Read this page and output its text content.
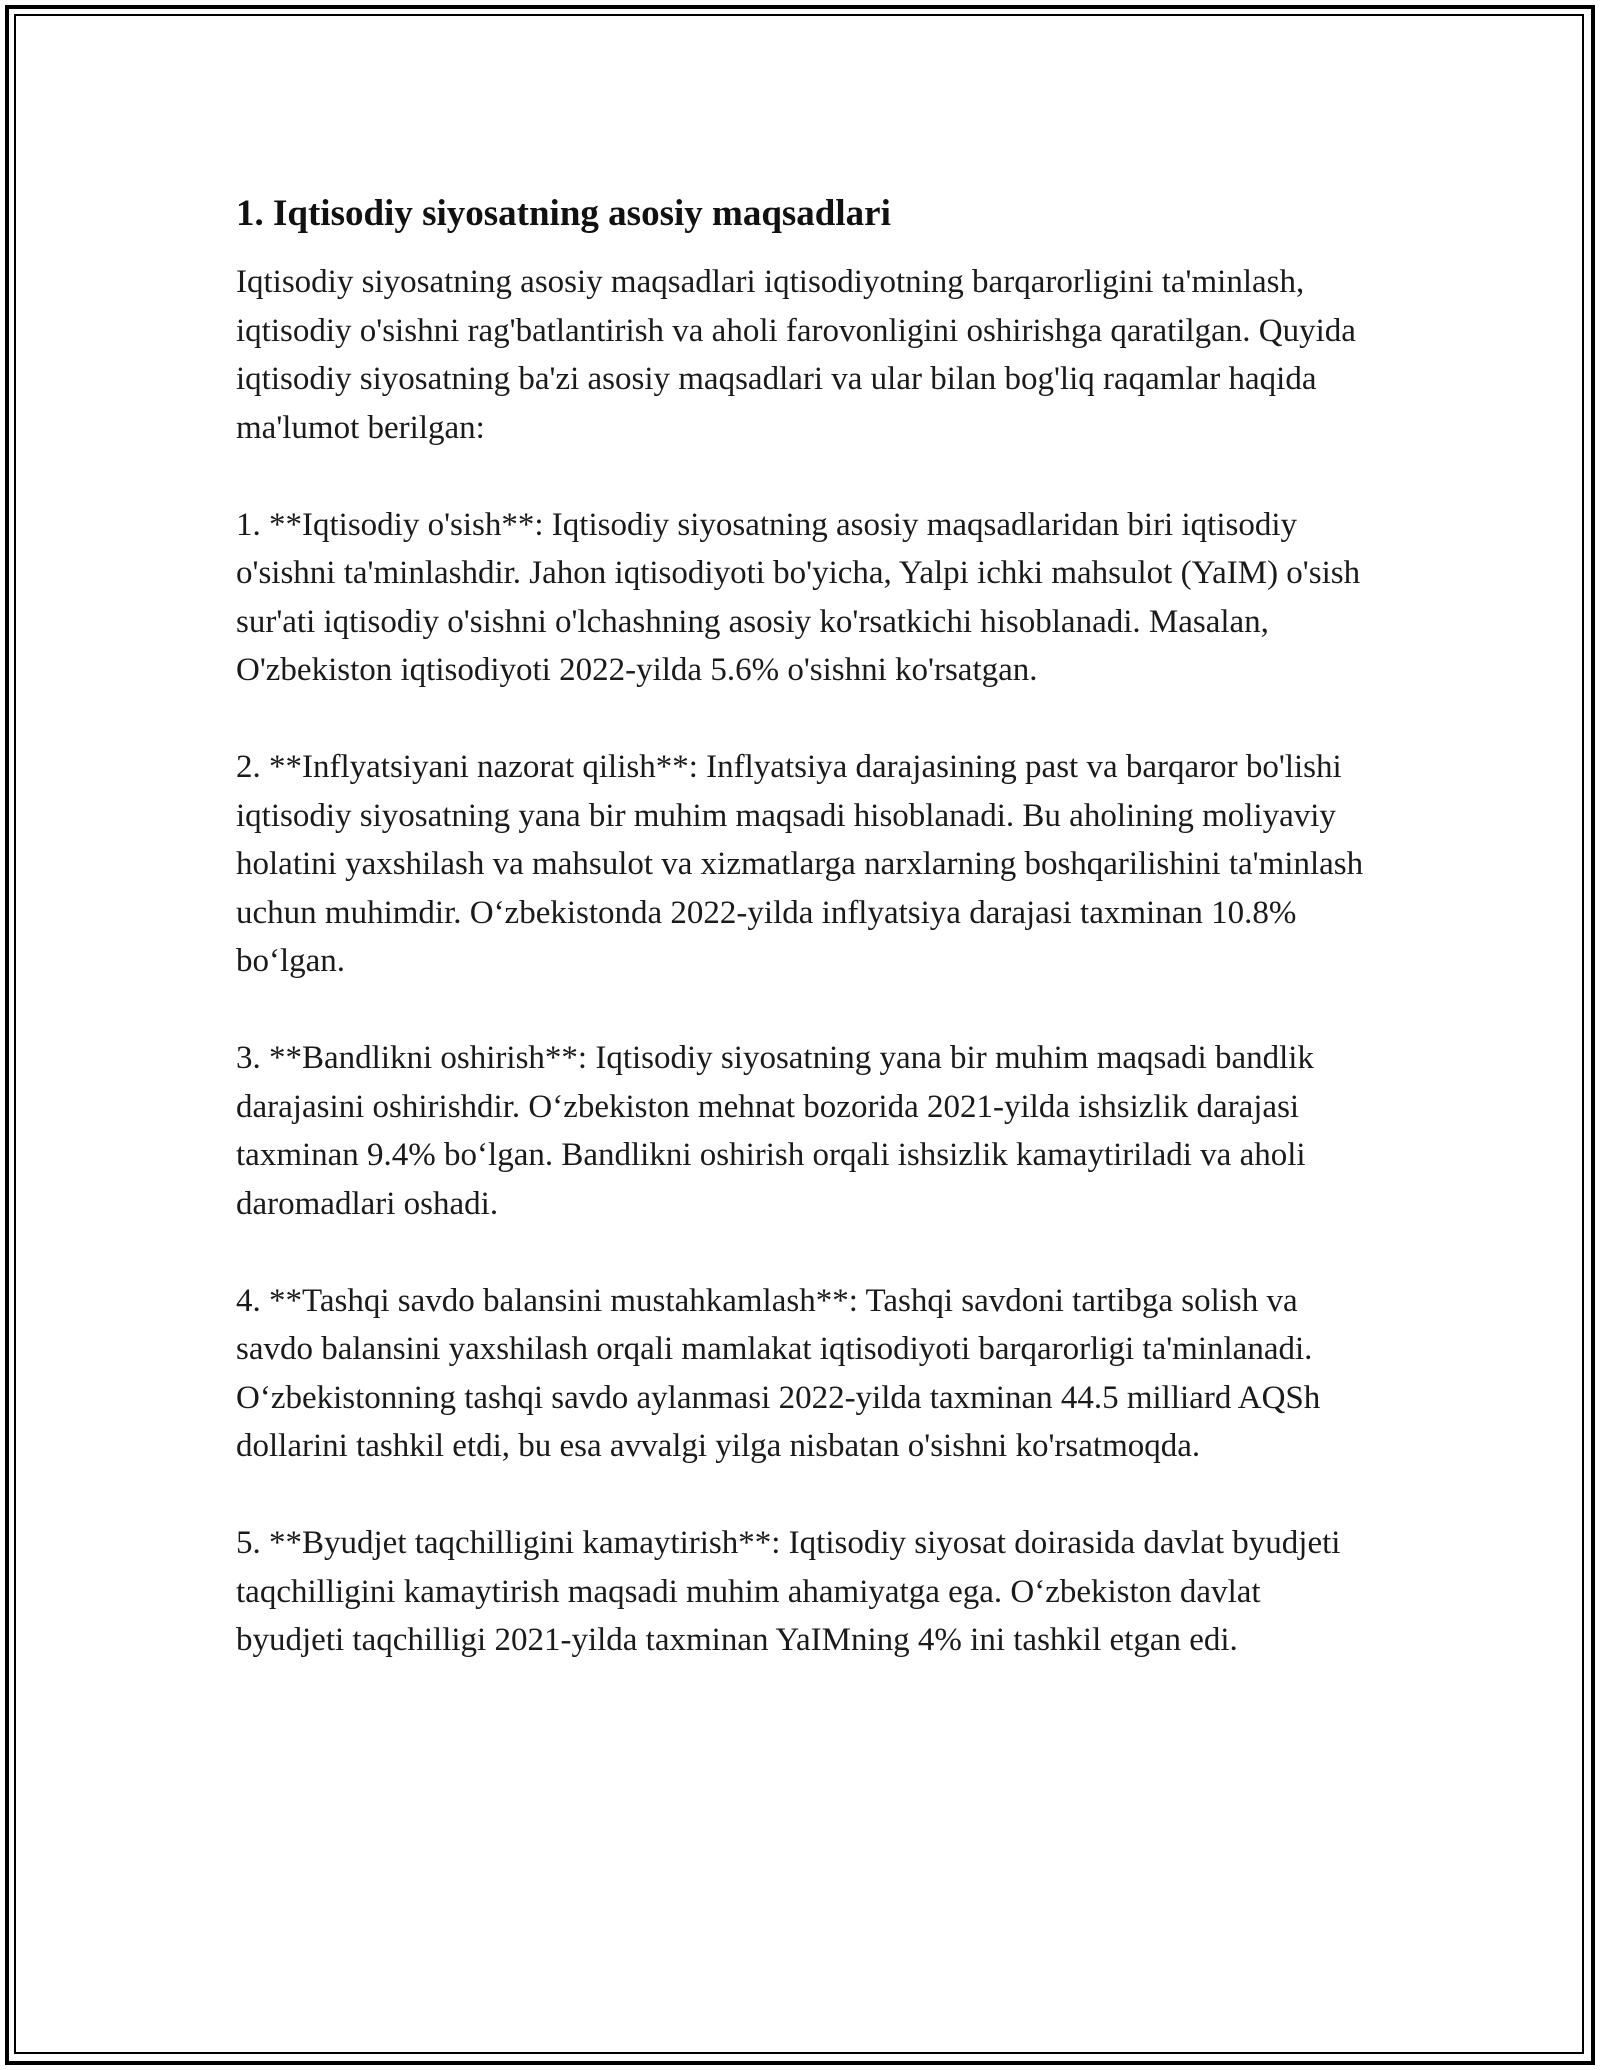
1. Iqtisodiy siyosatning asosiy maqsadlari

Iqtisodiy siyosatning asosiy maqsadlari iqtisodiyotning barqarorligini ta'minlash, iqtisodiy o'sishni rag'batlantirish va aholi farovonligini oshirishga qaratilgan. Quyida iqtisodiy siyosatning ba'zi asosiy maqsadlari va ular bilan bog'liq raqamlar haqida ma'lumot berilgan:

1. **Iqtisodiy o'sish**: Iqtisodiy siyosatning asosiy maqsadlaridan biri iqtisodiy o'sishni ta'minlashdir. Jahon iqtisodiyoti bo'yicha, Yalpi ichki mahsulot (YaIM) o'sish sur'ati iqtisodiy o'sishni o'lchashning asosiy ko'rsatkichi hisoblanadi. Masalan, O'zbekiston iqtisodiyoti 2022-yilda 5.6% o'sishni ko'rsatgan.

2. **Inflyatsiyani nazorat qilish**: Inflyatsiya darajasining past va barqaror bo'lishi iqtisodiy siyosatning yana bir muhim maqsadi hisoblanadi. Bu aholining moliyaviy holatini yaxshilash va mahsulot va xizmatlarga narxlarning boshqarilishini ta'minlash uchun muhimdir. O‘zbekistonda 2022-yilda inflyatsiya darajasi taxminan 10.8% bo‘lgan.

3. **Bandlikni oshirish**: Iqtisodiy siyosatning yana bir muhim maqsadi bandlik darajasini oshirishdir. O‘zbekiston mehnat bozorida 2021-yilda ishsizlik darajasi taxminan 9.4% bo‘lgan. Bandlikni oshirish orqali ishsizlik kamaytiriladi va aholi daromadlari oshadi.

4. **Tashqi savdo balansini mustahkamlash**: Tashqi savdoni tartibga solish va savdo balansini yaxshilash orqali mamlakat iqtisodiyoti barqarorligi ta'minlanadi. O‘zbekistonning tashqi savdo aylanmasi 2022-yilda taxminan 44.5 milliard AQSh dollarini tashkil etdi, bu esa avvalgi yilga nisbatan o'sishni ko'rsatmoqda.

5. **Byudjet taqchilligini kamaytirish**: Iqtisodiy siyosat doirasida davlat byudjeti taqchilligini kamaytirish maqsadi muhim ahamiyatga ega. O‘zbekiston davlat byudjeti taqchilligi 2021-yilda taxminan YaIMning 4% ini tashkil etgan edi.
